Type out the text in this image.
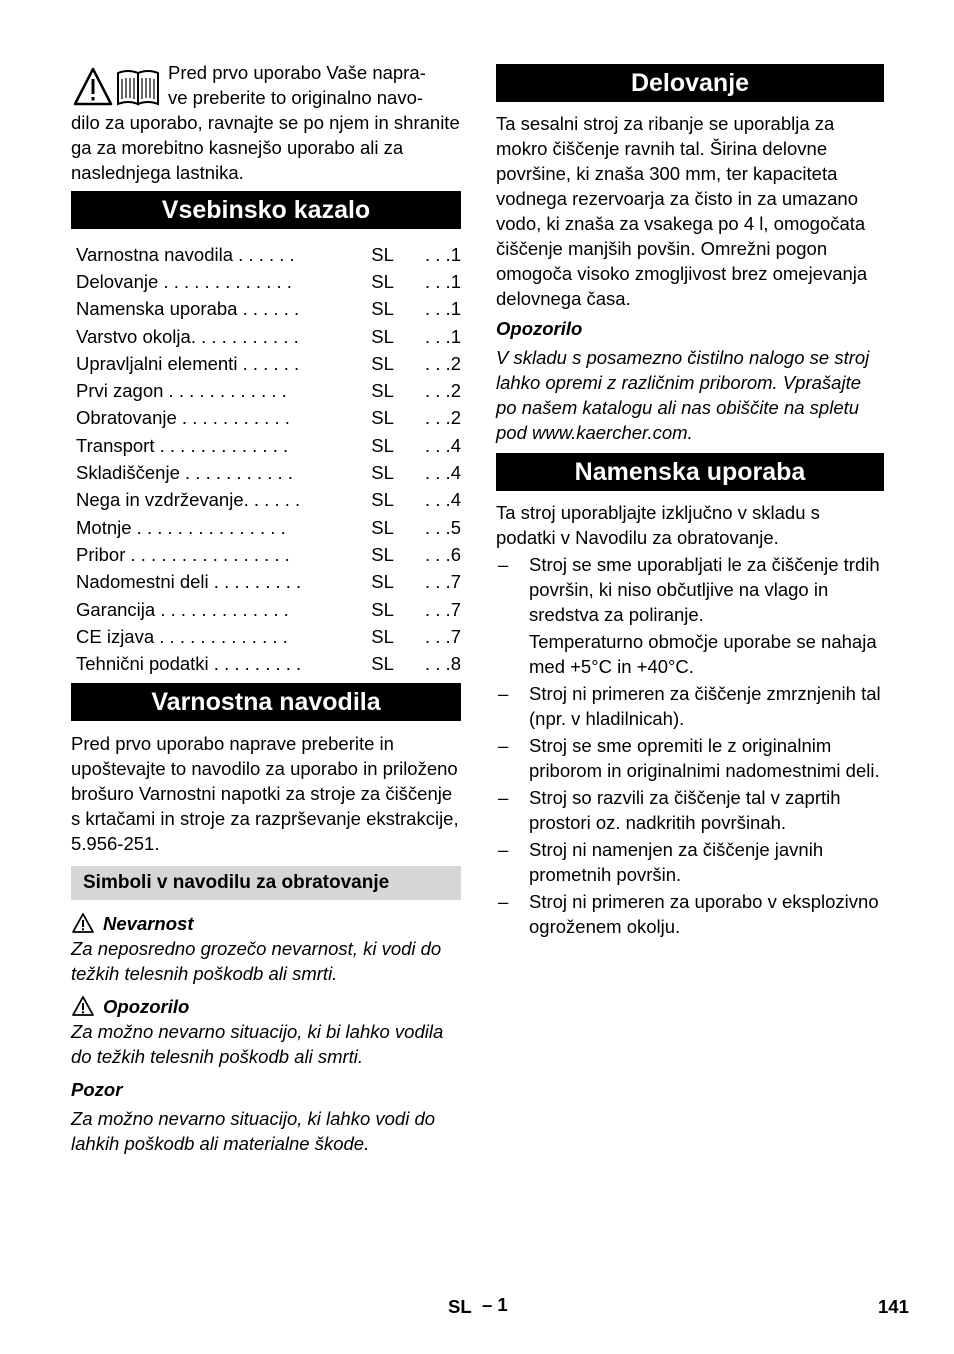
Pred prvo uporabo Vaše napra-

ve preberite to originalno navo-

dilo za uporabo, ravnajte se po njem in shranite ga za morebitno kasnejšo uporabo ali za naslednjega lastnika.

Vsebinsko kazalo
Varnostna navodila . . . . . .	SL	. . .1
Delovanje . . . . . . . . . . . . .	SL	. . .1
Namenska uporaba . . . . . .	SL	. . .1
Varstvo okolja. . . . . . . . . . .	SL	. . .1
Upravljalni elementi . . . . . .	SL	. . .2
Prvi zagon . . . . . . . . . . . .	SL	. . .2
Obratovanje . . . . . . . . . . .	SL	. . .2
Transport . . . . . . . . . . . . .	SL	. . .4
Skladiščenje . . . . . . . . . . .	SL	. . .4
Nega in vzdrževanje. . . . . .	SL	. . .4
Motnje . . . . . . . . . . . . . . .	SL	. . .5
Pribor . . . . . . . . . . . . . . . .	SL	. . .6
Nadomestni deli . . . . . . . . .	SL	. . .7
Garancija . . . . . . . . . . . . .	SL	. . .7
CE izjava . . . . . . . . . . . . .	SL	. . .7
Tehnični podatki . . . . . . . . .	SL	. . .8
Varnostna navodila

Pred prvo uporabo naprave preberite in upoštevajte to navodilo za uporabo in priloženo brošuro Varnostni napotki za stroje za čiščenje s krtačami in stroje za razprševanje ekstrakcije, 5.956-251.

Simboli v navodilu za obratovanje
Nevarnost

Za neposredno grozečo nevarnost, ki vodi do težkih telesnih poškodb ali smrti.

Opozorilo

Za možno nevarno situacijo, ki bi lahko vodila do težkih telesnih poškodb ali smrti.

Pozor

Za možno nevarno situacijo, ki lahko vodi do lahkih poškodb ali materialne škode.

Delovanje

Ta sesalni stroj za ribanje se uporablja za mokro čiščenje ravnih tal. Širina delovne površine, ki znaša 300 mm, ter kapaciteta vodnega rezervoarja za čisto in za umazano vodo, ki znaša za vsakega po 4 l, omogočata čiščenje manjših povšin. Omrežni pogon omogoča visoko zmogljivost brez omejevanja delovnega časa.

Opozorilo

V skladu s posamezno čistilno nalogo se stroj lahko opremi z različnim priborom. Vprašajte po našem katalogu ali nas obiščite na spletu pod www.kaercher.com.

Namenska uporaba

Ta stroj uporabljajte izključno v skladu s podatki v Navodilu za obratovanje.

– Stroj se sme uporabljati le za čiščenje trdih površin, ki niso občutljive na vlago in sredstva za poliranje.

Temperaturno območje uporabe se nahaja med +5°C in +40°C.

– Stroj ni primeren za čiščenje zmrznjenih tal (npr. v hladilnicah).
– Stroj se sme opremiti le z originalnim priborom in originalnimi nadomestnimi deli.
– Stroj so razvili za čiščenje tal v zaprtih prostori oz. nadkritih površinah.
– Stroj ni namenjen za čiščenje javnih prometnih površin.
– Stroj ni primeren za uporabo v eksplozivno ogroženem okolju.
SL – 1	141
